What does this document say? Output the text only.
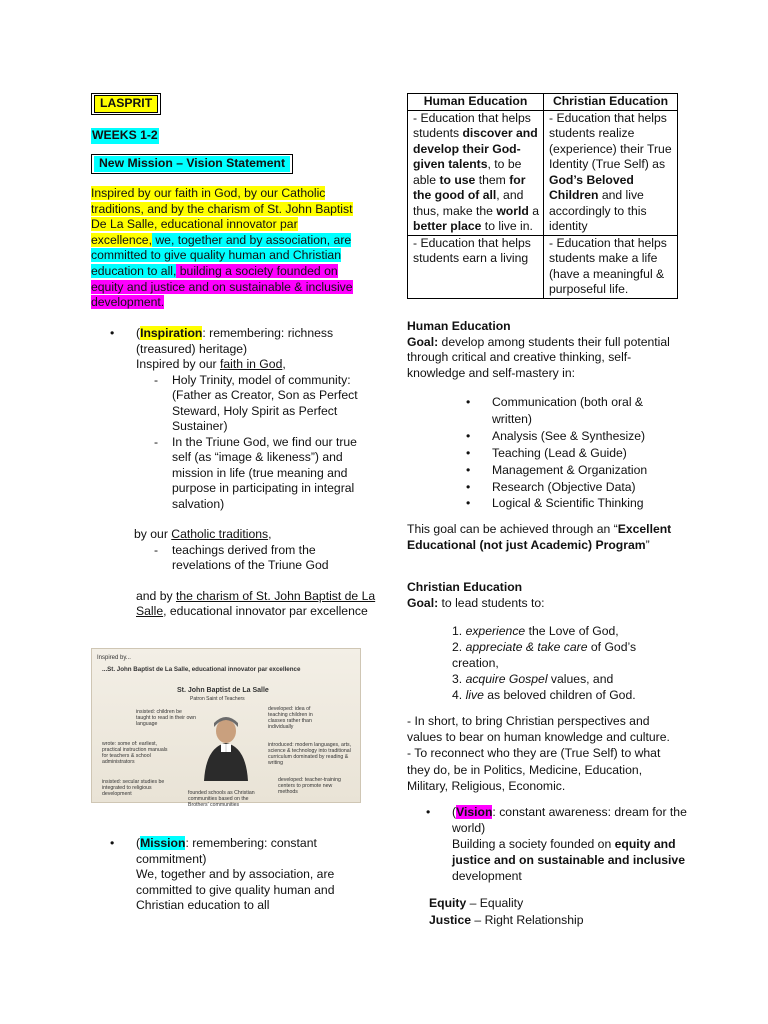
LASPRIT
WEEKS 1-2
New Mission – Vision Statement
Inspired by our faith in God, by our Catholic traditions, and by the charism of St. John Baptist De La Salle, educational innovator par excellence, we, together and by association, are committed to give quality human and Christian education to all, building a society founded on equity and justice and on sustainable & inclusive development.
• (Inspiration: remembering: richness (treasured) heritage)
Inspired by our faith in God,
- Holy Trinity, model of community: (Father as Creator, Son as Perfect Steward, Holy Spirit as Perfect Sustainer)
- In the Triune God, we find our true self (as “image & likeness”) and mission in life (true meaning and purpose in participating in integral salvation)
by our Catholic traditions,
- teachings derived from the revelations of the Triune God
and by the charism of St. John Baptist de La Salle, educational innovator par excellence
Inspired by...
...St. John Baptist de La Salle, educational innovator par excellence
St. John Baptist de La Salle
Patron Saint of Teachers
insisted: children be taught to read in their own language
developed: idea of teaching children in classes rather than individually
wrote: some of: earliest, practical instruction manuals for teachers & school administrators
introduced: modern languages, arts, science & technology into traditional curriculum dominated by reading & writing
insisted: secular studies be integrated to religious development	founded schools as Christian communities based on the Brothers' communities
developed: teacher-training centers to promote new methods
• (Mission: remembering: constant commitment)
We, together and by association, are committed to give quality human and Christian education to all
Human Education	Christian Education
- Education that helps students discover and develop their God-given talents, to be able to use them for the good of all, and thus, make the world a better place to live in.	- Education that helps students realize (experience) their True Identity (True Self) as God’s Beloved Children and live accordingly to this identity
- Education that helps students earn a living	- Education that helps students make a life (have a meaningful & purposeful life.
Human Education
Goal: develop among students their full potential through critical and creative thinking, self-knowledge and self-mastery in:
• Communication (both oral & written)
• Analysis (See & Synthesize)
• Teaching (Lead & Guide)
• Management & Organization
• Research (Objective Data)
• Logical & Scientific Thinking
This goal can be achieved through an “Excellent Educational (not just Academic) Program”
Christian Education
Goal: to lead students to:
1. experience the Love of God,
2. appreciate & take care of God’s creation,
3. acquire Gospel values, and
4. live as beloved children of God.
- In short, to bring Christian perspectives and values to bear on human knowledge and culture.
- To reconnect who they are (True Self) to what they do, be in Politics, Medicine, Education, Military, Religious, Economic.
• (Vision: constant awareness: dream for the world)
Building a society founded on equity and justice and on sustainable and inclusive development
Equity – Equality
Justice – Right Relationship
